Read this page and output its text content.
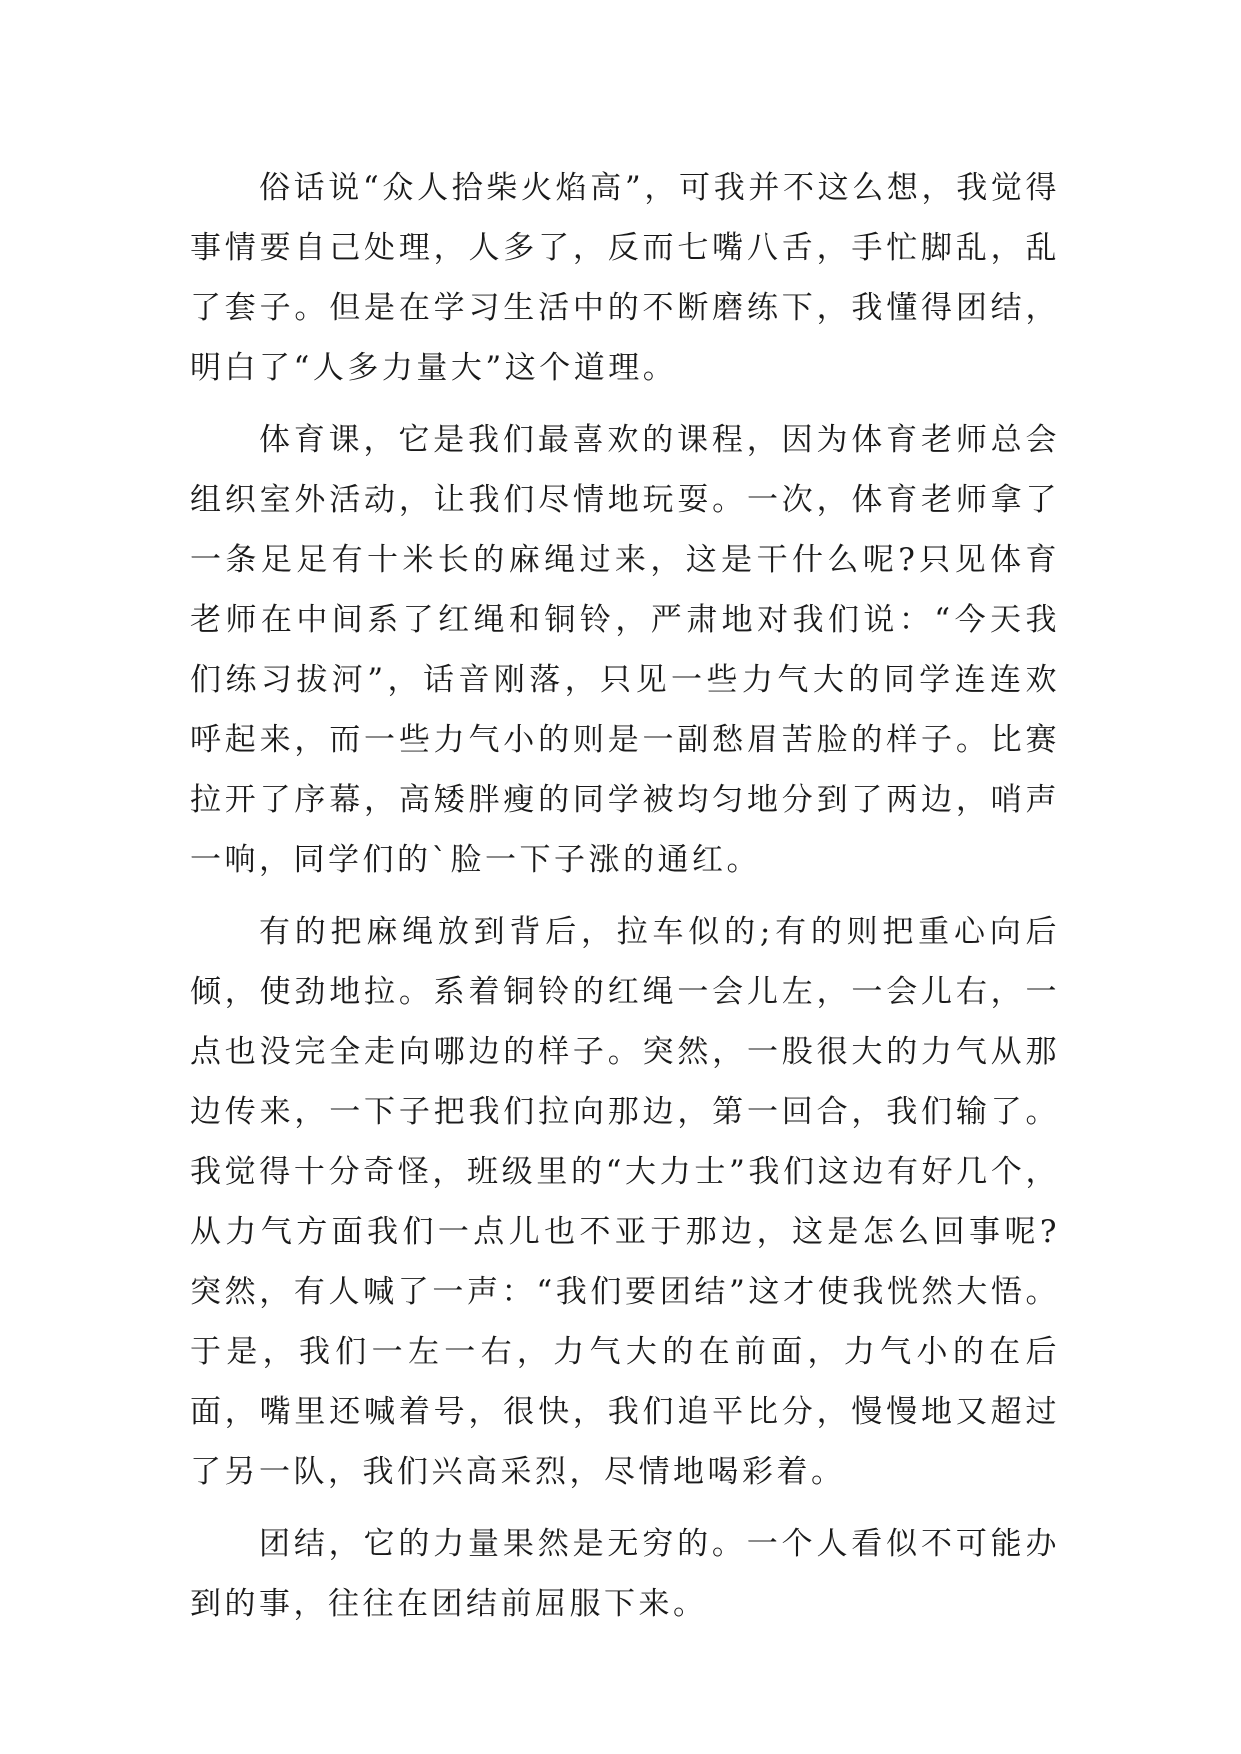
俗话说“众人拾柴火焰高”，可我并不这么想，我觉得事情要自己处理，人多了，反而七嘴八舌，手忙脚乱，乱了套子。但是在学习生活中的不断磨练下，我懂得团结，明白了“人多力量大”这个道理。

体育课，它是我们最喜欢的课程，因为体育老师总会组织室外活动，让我们尽情地玩耍。一次，体育老师拿了一条足足有十米长的麻绳过来，这是干什么呢?只见体育老师在中间系了红绳和铜铃，严肃地对我们说：“今天我们练习拔河”，话音刚落，只见一些力气大的同学连连欢呼起来，而一些力气小的则是一副愁眉苦脸的样子。比赛拉开了序幕，高矮胖瘦的同学被均匀地分到了两边，哨声一响，同学们的`脸一下子涨的通红。

有的把麻绳放到背后，拉车似的;有的则把重心向后倾，使劲地拉。系着铜铃的红绳一会儿左，一会儿右，一点也没完全走向哪边的样子。突然，一股很大的力气从那边传来，一下子把我们拉向那边，第一回合，我们输了。我觉得十分奇怪，班级里的“大力士”我们这边有好几个，从力气方面我们一点儿也不亚于那边，这是怎么回事呢?突然，有人喊了一声：“我们要团结”这才使我恍然大悟。于是，我们一左一右，力气大的在前面，力气小的在后面，嘴里还喊着号，很快，我们追平比分，慢慢地又超过了另一队，我们兴高采烈，尽情地喝彩着。

团结，它的力量果然是无穷的。一个人看似不可能办到的事，往往在团结前屈服下来。
